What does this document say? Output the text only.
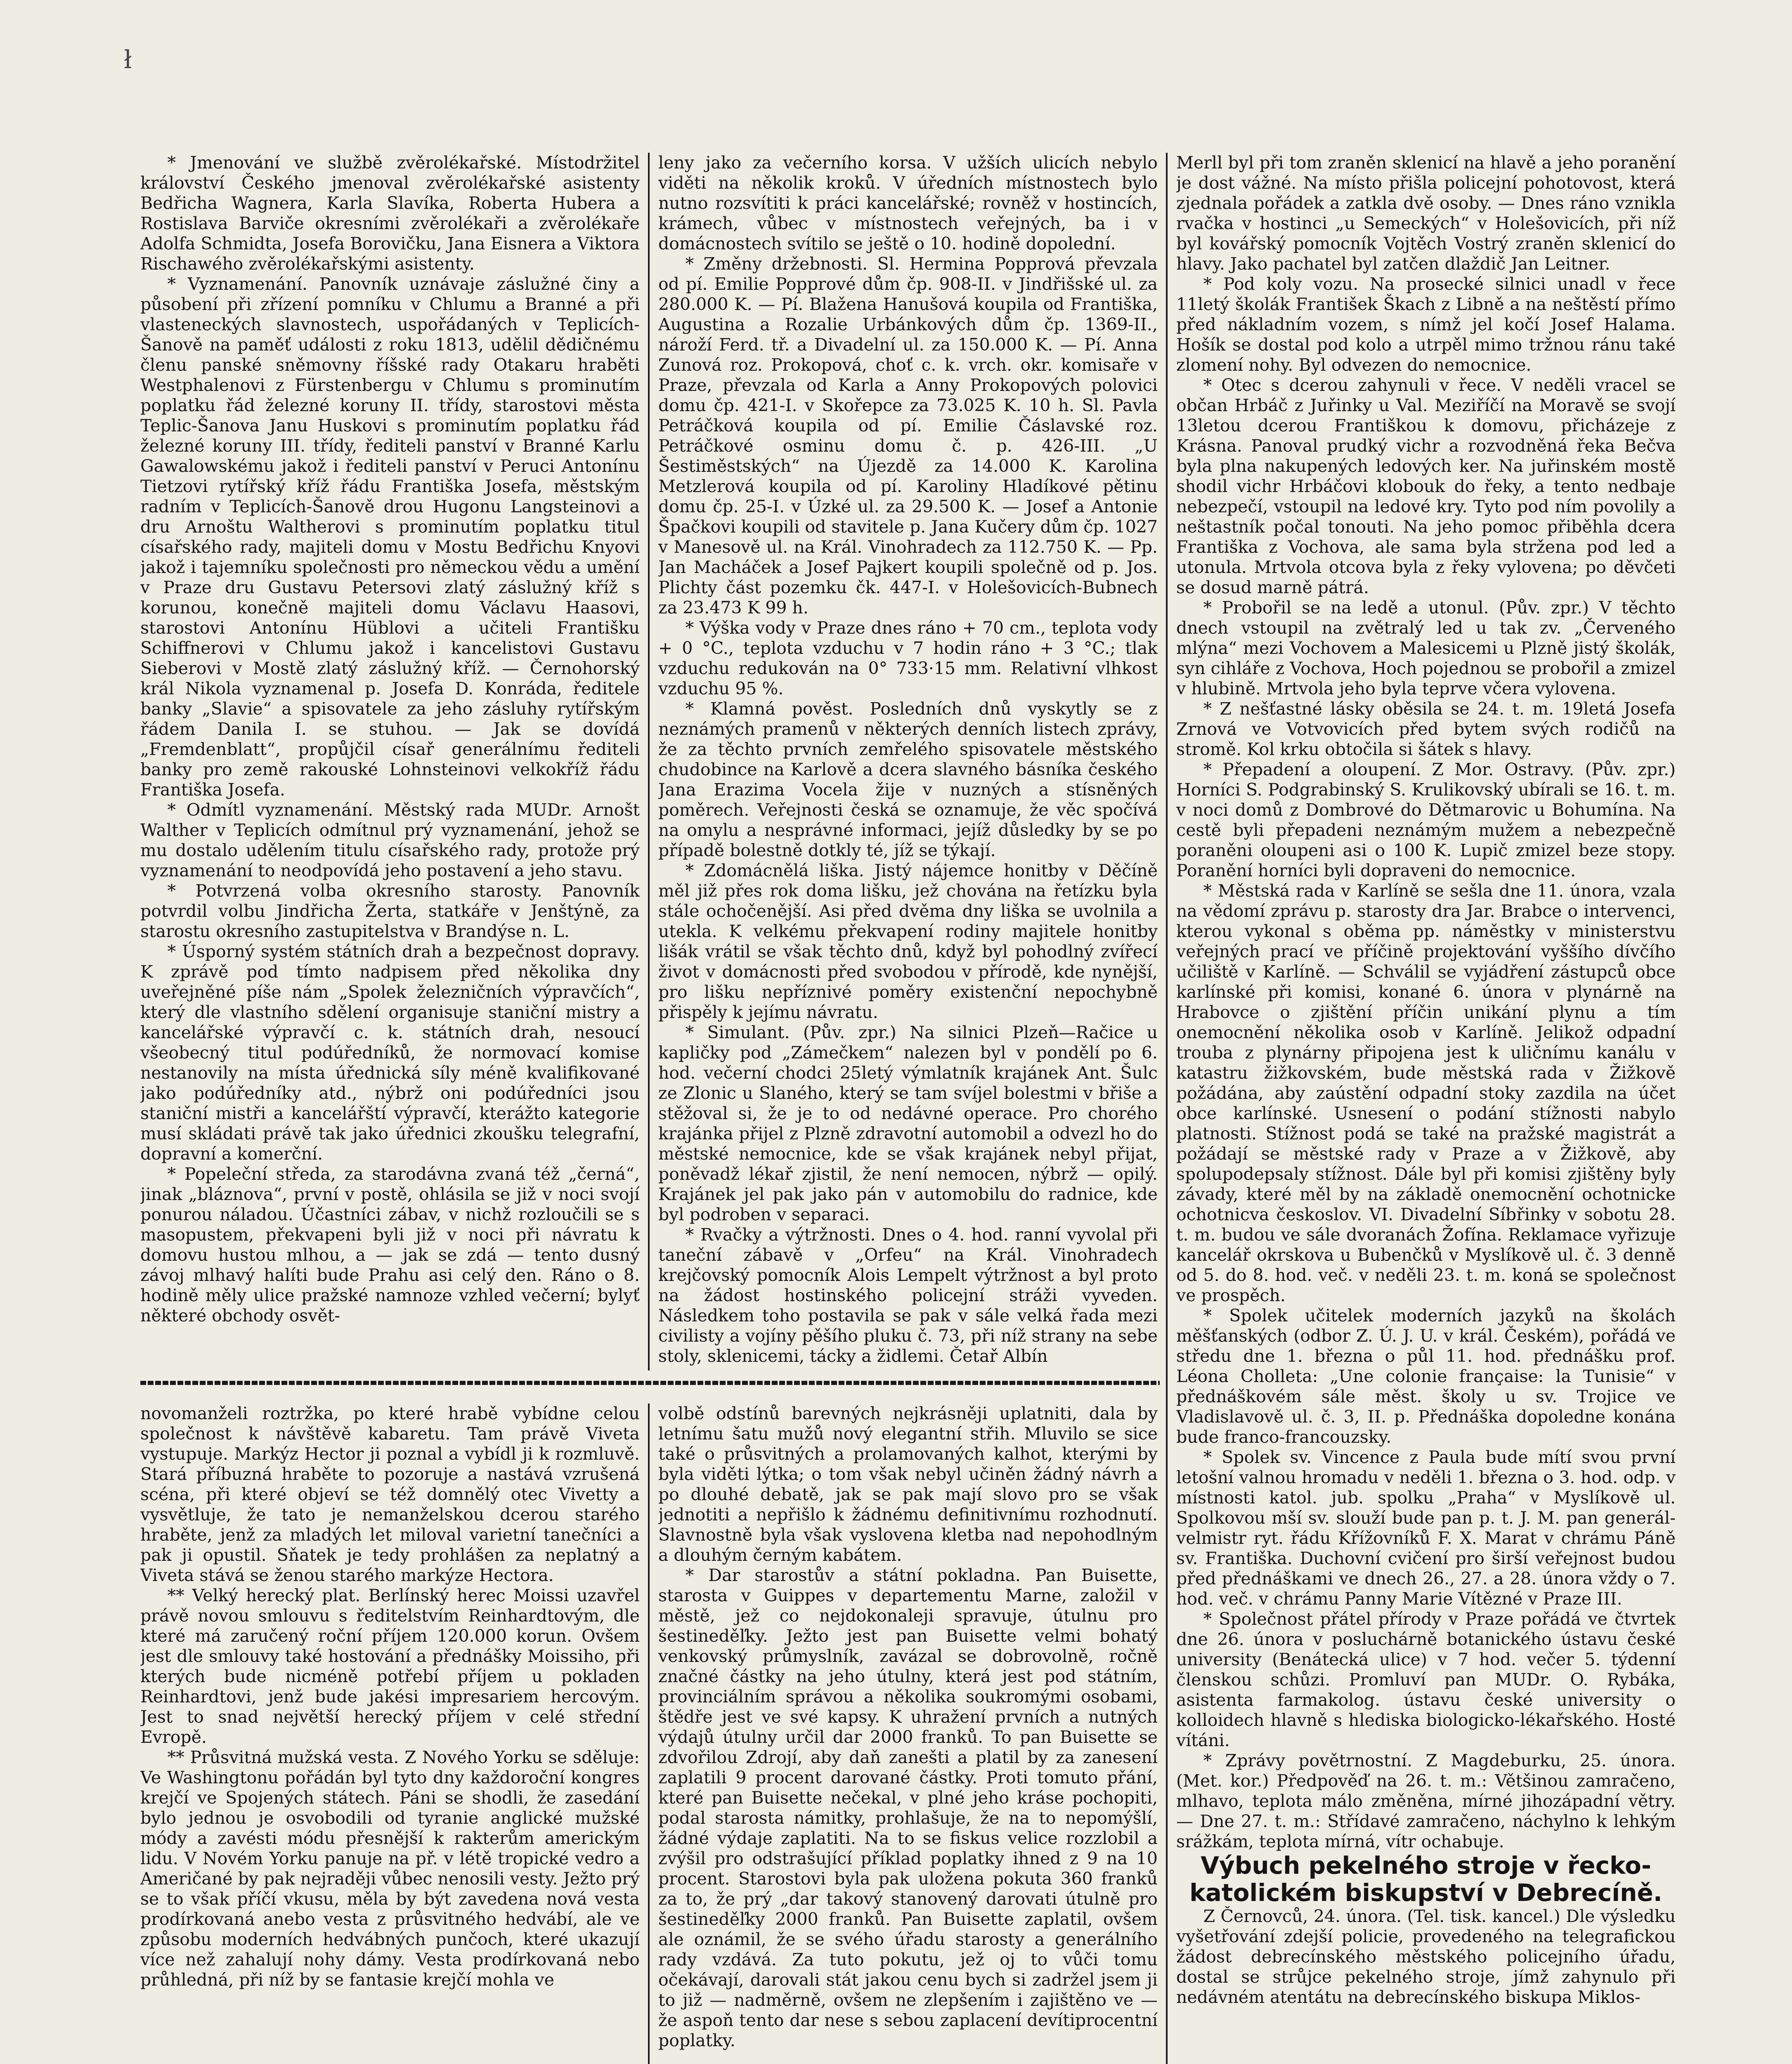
ł

* Jmenování ve službě zvěrolékařské. Místodržitel království Českého jmenoval zvěrolékařské asistenty Bedřicha Wagnera, Karla Slavíka, Roberta Hubera a Rostislava Barviče okresními zvěrolékaři a zvěrolékaře Adolfa Schmidta, Josefa Borovičku, Jana Eisnera a Viktora Rischawého zvěrolékařskými asistenty.

* Vyznamenání. Panovník uznávaje záslužné činy a působení při zřízení pomníku v Chlumu a Branné a při vlasteneckých slavnostech, uspořádaných v Teplicích-Šanově na paměť události z roku 1813, udělil dědičnému členu panské sněmovny říšské rady Otakaru hraběti Westphalenovi z Fürstenbergu v Chlumu s prominutím poplatku řád železné koruny II. třídy, starostovi města Teplic-Šanova Janu Huskovi s prominutím poplatku řád železné koruny III. třídy, řediteli panství v Branné Karlu Gawalowskému jakož i řediteli panství v Peruci Antonínu Tietzovi rytířský kříž řádu Františka Josefa, městským radním v Teplicích-Šanově drou Hugonu Langsteinovi a dru Arnoštu Waltherovi s prominutím poplatku titul císařského rady, majiteli domu v Mostu Bedřichu Knyovi jakož i tajemníku společnosti pro německou vědu a umění v Praze dru Gustavu Petersovi zlatý záslužný kříž s korunou, konečně majiteli domu Václavu Haasovi, starostovi Antonínu Hüblovi a učiteli Františku Schiffnerovi v Chlumu jakož i kancelistovi Gustavu Sieberovi v Mostě zlatý záslužný kříž. — Černohorský král Nikola vyznamenal p. Josefa D. Konráda, ředitele banky „Slavie“ a spisovatele za jeho zásluhy rytířským řádem Danila I. se stuhou. — Jak se dovídá „Fremdenblatt“, propůjčil císař generálnímu řediteli banky pro země rakouské Lohnsteinovi velkokříž řádu Františka Josefa.

* Odmítl vyznamenání. Městský rada MUDr. Arnošt Walther v Teplicích odmítnul prý vyznamenání, jehož se mu dostalo udělením titulu císařského rady, protože prý vyznamenání to neodpovídá jeho postavení a jeho stavu.

* Potvrzená volba okresního starosty. Panovník potvrdil volbu Jindřicha Žerta, statkáře v Jenštýně, za starostu okresního zastupitelstva v Brandýse n. L.

* Úsporný systém státních drah a bezpečnost dopravy. K zprávě pod tímto nadpisem před několika dny uveřejněné píše nám „Spolek železničních výpravčích“, který dle vlastního sdělení organisuje staniční mistry a kancelářské výpravčí c. k. státních drah, nesoucí všeobecný titul podúředníků, že normovací komise nestanovily na místa úřednická síly méně kvalifikované jako podúředníky atd., nýbrž oni podúředníci jsou staniční mistři a kancelářští výpravčí, kterážto kategorie musí skládati právě tak jako úřednici zkoušku telegrafní, dopravní a komerční.

* Popeleční středa, za starodávna zvaná též „černá“, jinak „bláznova“, první v postě, ohlásila se již v noci svojí ponurou náladou. Účastníci zábav, v nichž rozloučili se s masopustem, překvapeni byli již v noci při návratu k domovu hustou mlhou, a — jak se zdá — tento dusný závoj mlhavý halíti bude Prahu asi celý den. Ráno o 8. hodině měly ulice pražské namnoze vzhled večerní; bylyť některé obchody osvět-

leny jako za večerního korsa. V užších ulicích nebylo viděti na několik kroků. V úředních místnostech bylo nutno rozsvítiti k práci kancelářské; rovněž v hostincích, krámech, vůbec v místnostech veřejných, ba i v domácnostech svítilo se ještě o 10. hodině dopolední.

* Změny držebnosti. Sl. Hermina Popprová převzala od pí. Emilie Popprové dům čp. 908-II. v Jindřišské ul. za 280.000 K. — Pí. Blažena Hanušová koupila od Františka, Augustina a Rozalie Urbánkových dům čp. 1369-II., nároží Ferd. tř. a Divadelní ul. za 150.000 K. — Pí. Anna Zunová roz. Prokopová, choť c. k. vrch. okr. komisaře v Praze, převzala od Karla a Anny Prokopových polovici domu čp. 421-I. v Skořepce za 73.025 K. 10 h. Sl. Pavla Petráčková koupila od pí. Emilie Čáslavské roz. Petráčkové osminu domu č. p. 426-III. „U Šestiměstských“ na Újezdě za 14.000 K. Karolina Metzlerová koupila od pí. Karoliny Hladíkové pětinu domu čp. 25-I. v Úzké ul. za 29.500 K. — Josef a Antonie Špačkovi koupili od stavitele p. Jana Kučery dům čp. 1027 v Manesově ul. na Král. Vinohradech za 112.750 K. — Pp. Jan Macháček a Josef Pajkert koupili společně od p. Jos. Plichty část pozemku čk. 447-I. v Holešovicích-Bubnech za 23.473 K 99 h.

* Výška vody v Praze dnes ráno + 70 cm., teplota vody + 0 °C., teplota vzduchu v 7 hodin ráno + 3 °C.; tlak vzduchu redukován na 0° 733·15 mm. Relativní vlhkost vzduchu 95 %.

* Klamná pověst. Posledních dnů vyskytly se z neznámých pramenů v některých denních listech zprávy, že za těchto prvních zemřelého spisovatele městského chudobince na Karlově a dcera slavného básníka českého Jana Erazima Vocela žije v nuzných a stísněných poměrech. Veřejnosti česká se oznamuje, že věc spočívá na omylu a nesprávné informaci, jejíž důsledky by se po případě bolestně dotkly té, jíž se týkají.

* Zdomácnělá liška. Jistý nájemce honitby v Děčíně měl již přes rok doma lišku, jež chována na řetízku byla stále ochočenější. Asi před dvěma dny liška se uvolnila a utekla. K velkému překvapení rodiny majitele honitby lišák vrátil se však těchto dnů, když byl pohodlný zvířecí život v domácnosti před svobodou v přírodě, kde nynější, pro lišku nepříznivé poměry existenční nepochybně přispěly k jejímu návratu.

* Simulant. (Pův. zpr.) Na silnici Plzeň—Račice u kapličky pod „Zámečkem“ nalezen byl v pondělí po 6. hod. večerní chodci 25letý výmlatník krajánek Ant. Šulc ze Zlonic u Slaného, který se tam svíjel bolestmi v břiše a stěžoval si, že je to od nedávné operace. Pro chorého krajánka přijel z Plzně zdravotní automobil a odvezl ho do městské nemocnice, kde se však krajánek nebyl přijat, poněvadž lékař zjistil, že není nemocen, nýbrž — opilý. Krajánek jel pak jako pán v automobilu do radnice, kde byl podroben v separaci.

* Rvačky a výtržnosti. Dnes o 4. hod. ranní vyvolal při taneční zábavě v „Orfeu“ na Král. Vinohradech krejčovský pomocník Alois Lempelt výtržnost a byl proto na žádost hostinského policejní stráži vyveden. Následkem toho postavila se pak v sále velká řada mezi civilisty a vojíny pěšího pluku č. 73, při níž strany na sebe stoly, sklenicemi, tácky a židlemi. Četař Albín

novomanželi roztržka, po které hrabě vybídne celou společnost k návštěvě kabaretu. Tam právě Viveta vystupuje. Markýz Hector ji poznal a vybídl ji k rozmluvě. Stará příbuzná hraběte to pozoruje a nastává vzrušená scéna, při které objeví se též domnělý otec Vivetty a vysvětluje, že tato je nemanželskou dcerou starého hraběte, jenž za mladých let miloval varietní tanečníci a pak ji opustil. Sňatek je tedy prohlášen za neplatný a Viveta stává se ženou starého markýze Hectora.

** Velký herecký plat. Berlínský herec Moissi uzavřel právě novou smlouvu s ředitelstvím Reinhardtovým, dle které má zaručený roční příjem 120.000 korun. Ovšem jest dle smlouvy také hostování a přednášky Moissiho, při kterých bude nicméně potřebí příjem u pokladen Reinhardtovi, jenž bude jakési impresariem hercovým. Jest to snad největší herecký příjem v celé střední Evropě.

** Průsvitná mužská vesta. Z Nového Yorku se sděluje: Ve Washingtonu pořádán byl tyto dny každoroční kongres krejčí ve Spojených státech. Páni se shodli, že zasedání bylo jednou je osvobodili od tyranie anglické mužské módy a zavésti módu přesnější k rakterům americkým lidu. V Novém Yorku panuje na př. v létě tropické vedro a Američané by pak nejraději vůbec nenosili vesty. Ježto prý se to však příčí vkusu, měla by být zavedena nová vesta prodírkovaná anebo vesta z průsvitného hedvábí, ale ve způsobu moderních hedvábných punčoch, které ukazují více než zahalují nohy dámy. Vesta prodírkovaná nebo průhledná, při níž by se fantasie krejčí mohla ve

volbě odstínů barevných nejkrásněji uplatniti, dala by letnímu šatu mužů nový elegantní střih. Mluvilo se sice také o průsvitných a prolamovaných kalhot, kterými by byla viděti lýtka; o tom však nebyl učiněn žádný návrh a po dlouhé debatě, jak se pak mají slovo pro se však jednotiti a nepřišlo k žádnému definitivnímu rozhodnutí. Slavnostně byla však vyslovena kletba nad nepohodlným a dlouhým černým kabátem.

* Dar starostův a státní pokladna. Pan Buisette, starosta v Guippes v departementu Marne, založil v městě, jež co nejdokonaleji spravuje, útulnu pro šestineděľky. Ježto jest pan Buisette velmi bohatý venkovský průmyslník, zavázal se dobrovolně, ročně značné částky na jeho útulny, která jest pod státním, provinciálním správou a několika soukromými osobami, štědře jest ve své kapsy. K uhražení prvních a nutných výdajů útulny určil dar 2000 franků. To pan Buisette se zdvořilou Zdrojí, aby daň zanešti a platil by za zanesení zaplatili 9 procent darované částky. Proti tomuto přání, které pan Buisette nečekal, v plné jeho kráse pochopiti, podal starosta námitky, prohlašuje, že na to nepomýšlí, žádné výdaje zaplatiti. Na to se fiskus velice rozzlobil a zvýšil pro odstrašující příklad poplatky ihned z 9 na 10 procent. Starostovi byla pak uložena pokuta 360 franků za to, že prý „dar takový stanovený darovati útulně pro šestineděľky 2000 franků. Pan Buisette zaplatil, ovšem ale oznámil, že se svého úřadu starosty a generálního rady vzdává. Za tuto pokutu, jež oj to vůči tomu očekávají, darovali stát jakou cenu bych si zadržel jsem ji to již — nadměrně, ovšem ne zlepšením i zajištěno ve — že aspoň tento dar nese s sebou zaplacení devítiprocentní poplatky.

Merll byl při tom zraněn sklenicí na hlavě a jeho poranění je dost vážné. Na místo přišla policejní pohotovost, která zjednala pořádek a zatkla dvě osoby. — Dnes ráno vznikla rvačka v hostinci „u Semeckých“ v Holešovicích, při níž byl kovářský pomocník Vojtěch Vostrý zraněn sklenicí do hlavy. Jako pachatel byl zatčen dlaždič Jan Leitner.

* Pod koly vozu. Na prosecké silnici unadl v řece 11letý školák František Škach z Libně a na neštěstí přímo před nákladním vozem, s nímž jel kočí Josef Halama. Hošík se dostal pod kolo a utrpěl mimo tržnou ránu také zlomení nohy. Byl odvezen do nemocnice.

* Otec s dcerou zahynuli v řece. V neděli vracel se občan Hrbáč z Juřinky u Val. Meziříčí na Moravě se svojí 13letou dcerou Františkou k domovu, přicházeje z Krásna. Panoval prudký vichr a rozvodněná řeka Bečva byla plna nakupených ledových ker. Na juřinském mostě shodil vichr Hrbáčovi klobouk do řeky, a tento nedbaje nebezpečí, vstoupil na ledové kry. Tyto pod ním povolily a neštastník počal tonouti. Na jeho pomoc přiběhla dcera Františka z Vochova, ale sama byla stržena pod led a utonula. Mrtvola otcova byla z řeky vylovena; po děvčeti se dosud marně pátrá.

* Probořil se na ledě a utonul. (Pův. zpr.) V těchto dnech vstoupil na zvětralý led u tak zv. „Červeného mlýna“ mezi Vochovem a Malesicemi u Plzně jistý školák, syn cihláře z Vochova, Hoch pojednou se probořil a zmizel v hlubině. Mrtvola jeho byla teprve včera vylovena.

* Z nešťastné lásky oběsila se 24. t. m. 19letá Josefa Zrnová ve Votvovicích před bytem svých rodičů na stromě. Kol krku obtočila si šátek s hlavy.

* Přepadení a oloupení. Z Mor. Ostravy. (Pův. zpr.) Horníci S. Podgrabinský S. Krulikovský ubírali se 16. t. m. v noci domů z Dombrové do Dětmarovic u Bohumína. Na cestě byli přepadeni neznámým mužem a nebezpečně poraněni oloupeni asi o 100 K. Lupič zmizel beze stopy. Poranění horníci byli dopraveni do nemocnice.

* Městská rada v Karlíně se sešla dne 11. února, vzala na vědomí zprávu p. starosty dra Jar. Brabce o intervenci, kterou vykonal s oběma pp. náměstky v ministerstvu veřejných prací ve příčině projektování vyššího dívčího učiliště v Karlíně. — Schválil se vyjádření zástupců obce karlínské při komisi, konané 6. února v plynárně na Hrabovce o zjištění příčin unikání plynu a tím onemocnění několika osob v Karlíně. Jelikož odpadní trouba z plynárny připojena jest k uličnímu kanálu v katastru žižkovském, bude městská rada v Žižkově požádána, aby zaústění odpadní stoky zazdila na účet obce karlínské. Usnesení o podání stížnosti nabylo platnosti. Stížnost podá se také na pražské magistrát a požádají se městské rady v Praze a v Žižkově, aby spolupodepsaly stížnost. Dále byl při komisi zjištěny byly závady, které měl by na základě onemocnění ochotnicke ochotnicva českoslov. VI. Divadelní Síbřinky v sobotu 28. t. m. budou ve sále dvoranách Žofína. Reklamace vyřizuje kancelář okrskova u Bubenčků v Myslíkově ul. č. 3 denně od 5. do 8. hod. več. v neděli 23. t. m. koná se společnost ve prospěch.

* Spolek učitelek moderních jazyků na školách měšťanských (odbor Z. Ú. J. U. v král. Českém), pořádá ve středu dne 1. března o půl 11. hod. přednášku prof. Léona Cholleta: „Une colonie française: la Tunisie“ v přednáškovém sále měst. školy u sv. Trojice ve Vladislavově ul. č. 3, II. p. Přednáška dopoledne konána bude franco-francouzsky.

* Spolek sv. Vincence z Paula bude mítí svou první letošní valnou hromadu v neděli 1. března o 3. hod. odp. v místnosti katol. jub. spolku „Praha“ v Myslíkově ul. Spolkovou mší sv. slouží bude pan p. t. J. M. pan generál-velmistr ryt. řádu Křížovníků F. X. Marat v chrámu Páně sv. Františka. Duchovní cvičení pro širší veřejnost budou před přednáškami ve dnech 26., 27. a 28. února vždy o 7. hod. več. v chrámu Panny Marie Vítězné v Praze III.

* Společnost přátel přírody v Praze pořádá ve čtvrtek dne 26. února v posluchárně botanického ústavu české university (Benátecká ulice) v 7 hod. večer 5. týdenní členskou schůzi. Promluví pan MUDr. O. Rybáka, asistenta farmakolog. ústavu české university o kolloidech hlavně s hlediska biologicko-lékařského. Hosté vítáni.

* Zprávy povětrnostní. Z Magdeburku, 25. února. (Met. kor.) Předpověď na 26. t. m.: Většinou zamračeno, mlhavo, teplota málo změněna, mírné jihozápadní větry. — Dne 27. t. m.: Střídavé zamračeno, náchylno k lehkým srážkám, teplota mírná, vítr ochabuje.

Výbuch pekelného stroje v řecko-katolickém biskupství v Debrecíně.

Z Černovců, 24. února. (Tel. tisk. kancel.) Dle výsledku vyšetřování zdejší policie, provedeného na telegrafickou žádost debrecínského městského policejního úřadu, dostal se strůjce pekelného stroje, jímž zahynulo při nedávném atentátu na debrecínského biskupa Miklos-
